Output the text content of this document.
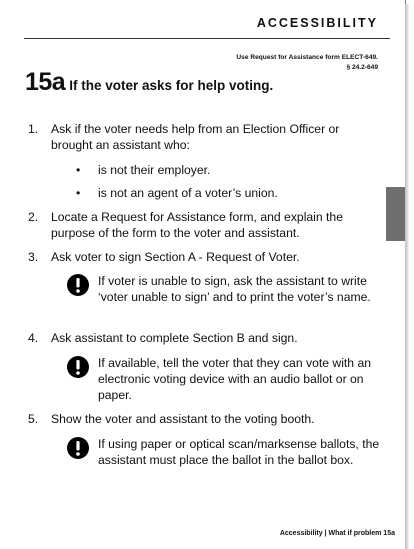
ACCESSIBILITY
Use Request for Assistance form ELECT-649.
§ 24.2-649
15a If the voter asks for help voting.
1. Ask if the voter needs help from an Election Officer or brought an assistant who:
• is not their employer.
• is not an agent of a voter’s union.
2. Locate a Request for Assistance form, and explain the purpose of the form to the voter and assistant.
3. Ask voter to sign Section A - Request of Voter.
If voter is unable to sign, ask the assistant to write ‘voter unable to sign’ and to print the voter’s name.
4. Ask assistant to complete Section B and sign.
If available, tell the voter that they can vote with an electronic voting device with an audio ballot or on paper.
5. Show the voter and assistant to the voting booth.
If using paper or optical scan/marksense ballots, the assistant must place the ballot in the ballot box.
Accessibility | What if problem 15a
